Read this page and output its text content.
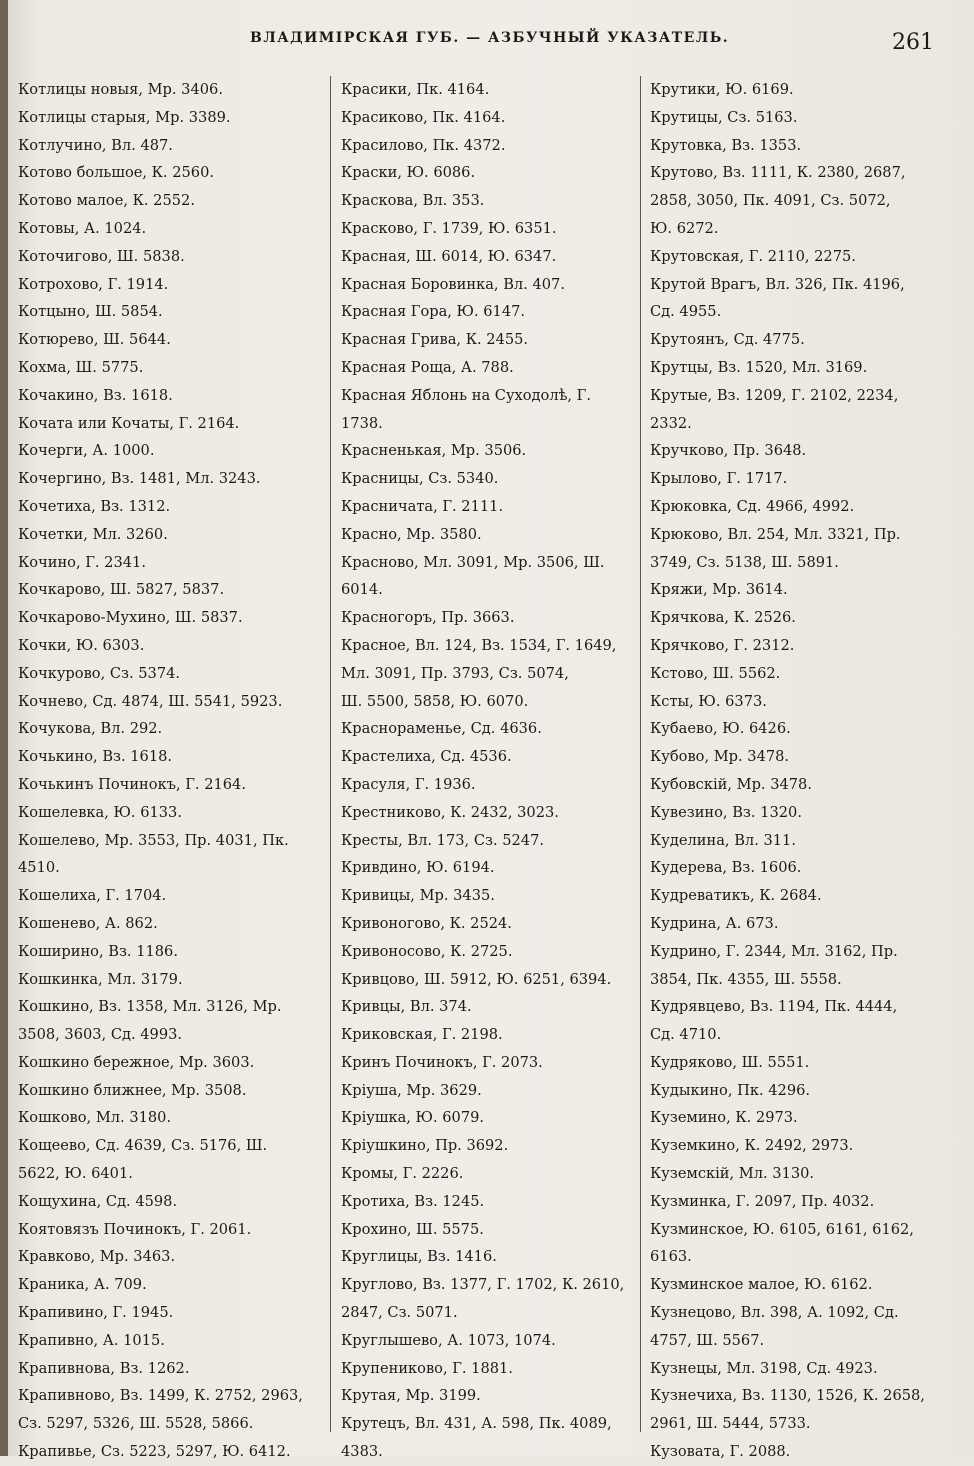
ВЛАДИМIРСКАЯ ГУБ. — АЗБУЧНЫЙ УКАЗАТЕЛЬ.	261
Котлицы новыя, Мр. 3406.
Котлицы старыя, Мр. 3389.
Котлучино, Вл. 487.
Котово большое, К. 2560.
Котово малое, К. 2552.
Котовы, А. 1024.
Коточигово, Ш. 5838.
Котрохово, Г. 1914.
Котцыно, Ш. 5854.
Котюрево, Ш. 5644.
Кохма, Ш. 5775.
Кочакино, Вз. 1618.
Кочата или Кочаты, Г. 2164.
Кочерги, А. 1000.
Кочергино, Вз. 1481, Мл. 3243.
Кочетиха, Вз. 1312.
Кочетки, Мл. 3260.
Кочино, Г. 2341.
Кочкарово, Ш. 5827, 5837.
Кочкарово-Мухино, Ш. 5837.
Кочки, Ю. 6303.
Кочкурово, Сз. 5374.
Кочнево, Сд. 4874, Ш. 5541, 5923.
Кочукова, Вл. 292.
Кочькино, Вз. 1618.
Кочькинъ Починокъ, Г. 2164.
Кошелевка, Ю. 6133.
Кошелево, Мр. 3553, Пр. 4031, Пк.
4510.
Кошелиха, Г. 1704.
Кошенево, А. 862.
Коширино, Вз. 1186.
Кошкинка, Мл. 3179.
Кошкино, Вз. 1358, Мл. 3126, Мр.
3508, 3603, Сд. 4993.
Кошкино бережное, Мр. 3603.
Кошкино ближнее, Мр. 3508.
Кошково, Мл. 3180.
Кощеево, Сд. 4639, Сз. 5176, Ш.
5622, Ю. 6401.
Кощухина, Сд. 4598.
Коятовязъ Починокъ, Г. 2061.
Кравково, Мр. 3463.
Краника, А. 709.
Крапивино, Г. 1945.
Крапивно, А. 1015.
Крапивнова, Вз. 1262.
Крапивново, Вз. 1499, К. 2752, 2963,
Сз. 5297, 5326, Ш. 5528, 5866.
Крапивье, Сз. 5223, 5297, Ю. 6412.
Красики, Пк. 4164.
Красиково, Пк. 4164.
Красилово, Пк. 4372.
Краски, Ю. 6086.
Краскова, Вл. 353.
Красково, Г. 1739, Ю. 6351.
Красная, Ш. 6014, Ю. 6347.
Красная Боровинка, Вл. 407.
Красная Гора, Ю. 6147.
Красная Грива, К. 2455.
Красная Роща, А. 788.
Красная Яблонь на Суходолѣ, Г.
1738.
Красненькая, Мр. 3506.
Красницы, Сз. 5340.
Красничата, Г. 2111.
Красно, Мр. 3580.
Красново, Мл. 3091, Мр. 3506, Ш.
6014.
Красногоръ, Пр. 3663.
Красное, Вл. 124, Вз. 1534, Г. 1649,
Мл. 3091, Пр. 3793, Сз. 5074,
Ш. 5500, 5858, Ю. 6070.
Краснораменье, Сд. 4636.
Крастелиха, Сд. 4536.
Красуля, Г. 1936.
Крестниково, К. 2432, 3023.
Кресты, Вл. 173, Сз. 5247.
Кривдино, Ю. 6194.
Кривицы, Мр. 3435.
Кривоногово, К. 2524.
Кривоносово, К. 2725.
Кривцово, Ш. 5912, Ю. 6251, 6394.
Кривцы, Вл. 374.
Криковская, Г. 2198.
Кринъ Починокъ, Г. 2073.
Крiуша, Мр. 3629.
Крiушка, Ю. 6079.
Крiушкино, Пр. 3692.
Кромы, Г. 2226.
Кротиха, Вз. 1245.
Крохино, Ш. 5575.
Круглицы, Вз. 1416.
Круглово, Вз. 1377, Г. 1702, К. 2610,
2847, Сз. 5071.
Круглышево, А. 1073, 1074.
Крупениково, Г. 1881.
Крутая, Мр. 3199.
Крутецъ, Вл. 431, А. 598, Пк. 4089,
4383.
Крутики, Ю. 6169.
Крутицы, Сз. 5163.
Крутовка, Вз. 1353.
Крутово, Вз. 1111, К. 2380, 2687,
2858, 3050, Пк. 4091, Сз. 5072,
Ю. 6272.
Крутовская, Г. 2110, 2275.
Крутой Врагъ, Вл. 326, Пк. 4196,
Сд. 4955.
Крутоянъ, Сд. 4775.
Крутцы, Вз. 1520, Мл. 3169.
Крутые, Вз. 1209, Г. 2102, 2234,
2332.
Кручково, Пр. 3648.
Крылово, Г. 1717.
Крюковка, Сд. 4966, 4992.
Крюково, Вл. 254, Мл. 3321, Пр.
3749, Сз. 5138, Ш. 5891.
Кряжи, Мр. 3614.
Крячкова, К. 2526.
Крячково, Г. 2312.
Кстово, Ш. 5562.
Ксты, Ю. 6373.
Кубаево, Ю. 6426.
Кубово, Мр. 3478.
Кубовскiй, Мр. 3478.
Кувезино, Вз. 1320.
Куделина, Вл. 311.
Кудерева, Вз. 1606.
Кудреватикъ, К. 2684.
Кудрина, А. 673.
Кудрино, Г. 2344, Мл. 3162, Пр.
3854, Пк. 4355, Ш. 5558.
Кудрявцево, Вз. 1194, Пк. 4444,
Сд. 4710.
Кудряково, Ш. 5551.
Кудыкино, Пк. 4296.
Куземино, К. 2973.
Куземкино, К. 2492, 2973.
Куземскiй, Мл. 3130.
Кузминка, Г. 2097, Пр. 4032.
Кузминское, Ю. 6105, 6161, 6162,
6163.
Кузминское малое, Ю. 6162.
Кузнецово, Вл. 398, А. 1092, Сд.
4757, Ш. 5567.
Кузнецы, Мл. 3198, Сд. 4923.
Кузнечиха, Вз. 1130, 1526, К. 2658,
2961, Ш. 5444, 5733.
Кузоватa, Г. 2088.
